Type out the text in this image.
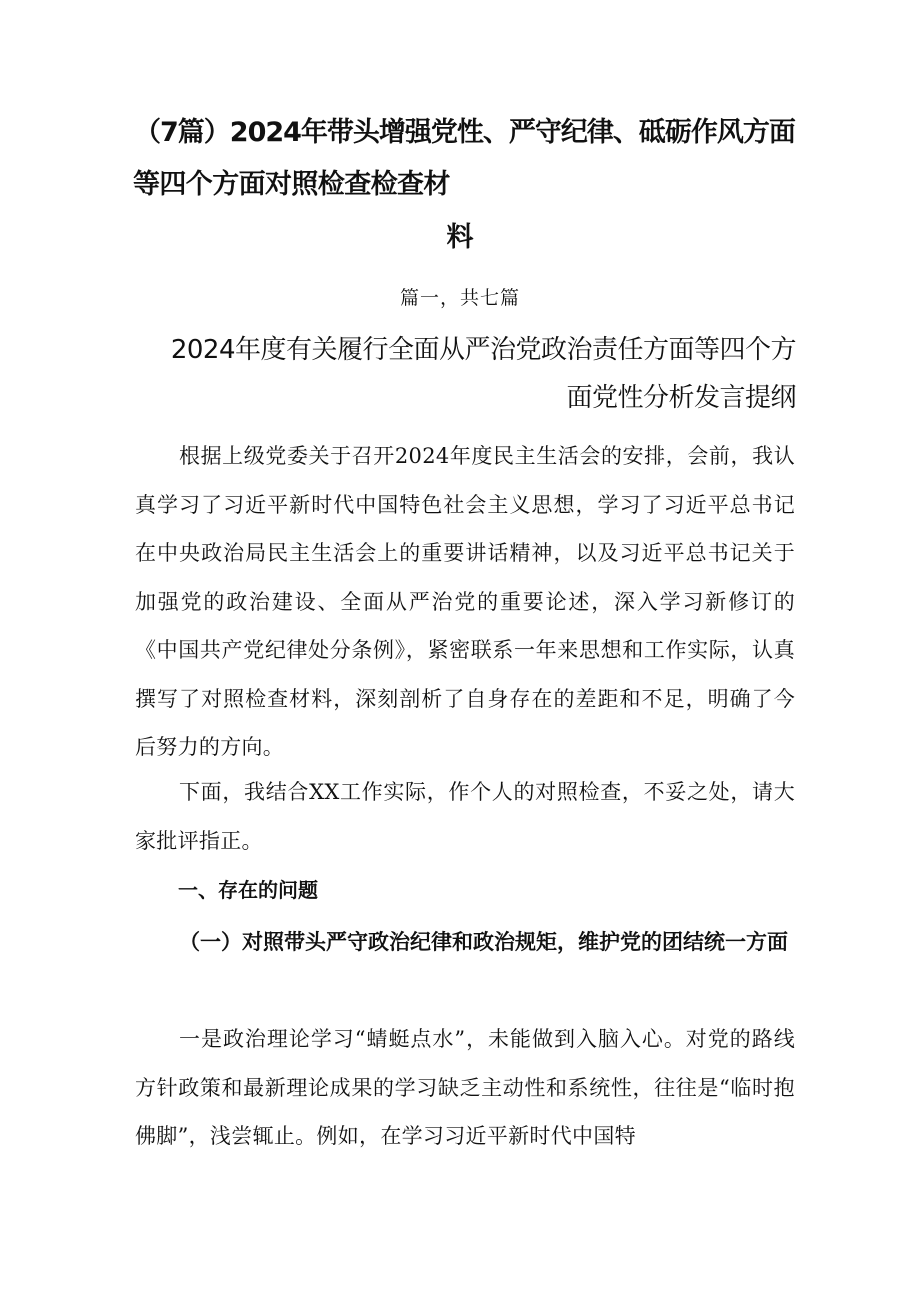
（7篇）2024年带头增强党性、严守纪律、砥砺作风方面
等四个方面对照检查检查材
料
篇一，共七篇
2024年度有关履行全面从严治党政治责任方面等四个方
面党性分析发言提纲

根据上级党委关于召开2024年度民主生活会的安排，会前，我认真学习了习近平新时代中国特色社会主义思想，学习了习近平总书记在中央政治局民主生活会上的重要讲话精神，以及习近平总书记关于加强党的政治建设、全面从严治党的重要论述，深入学习新修订的《中国共产党纪律处分条例》，紧密联系一年来思想和工作实际，认真撰写了对照检查材料，深刻剖析了自身存在的差距和不足，明确了今后努力的方向。

下面，我结合XX工作实际，作个人的对照检查，不妥之处，请大家批评指正。

一、存在的问题
（一）对照带头严守政治纪律和政治规矩，维护党的团结统一方面

一是政治理论学习“蜻蜓点水”，未能做到入脑入心。对党的路线方针政策和最新理论成果的学习缺乏主动性和系统性，往往是“临时抱佛脚”，浅尝辄止。例如，在学习习近平新时代中国特
